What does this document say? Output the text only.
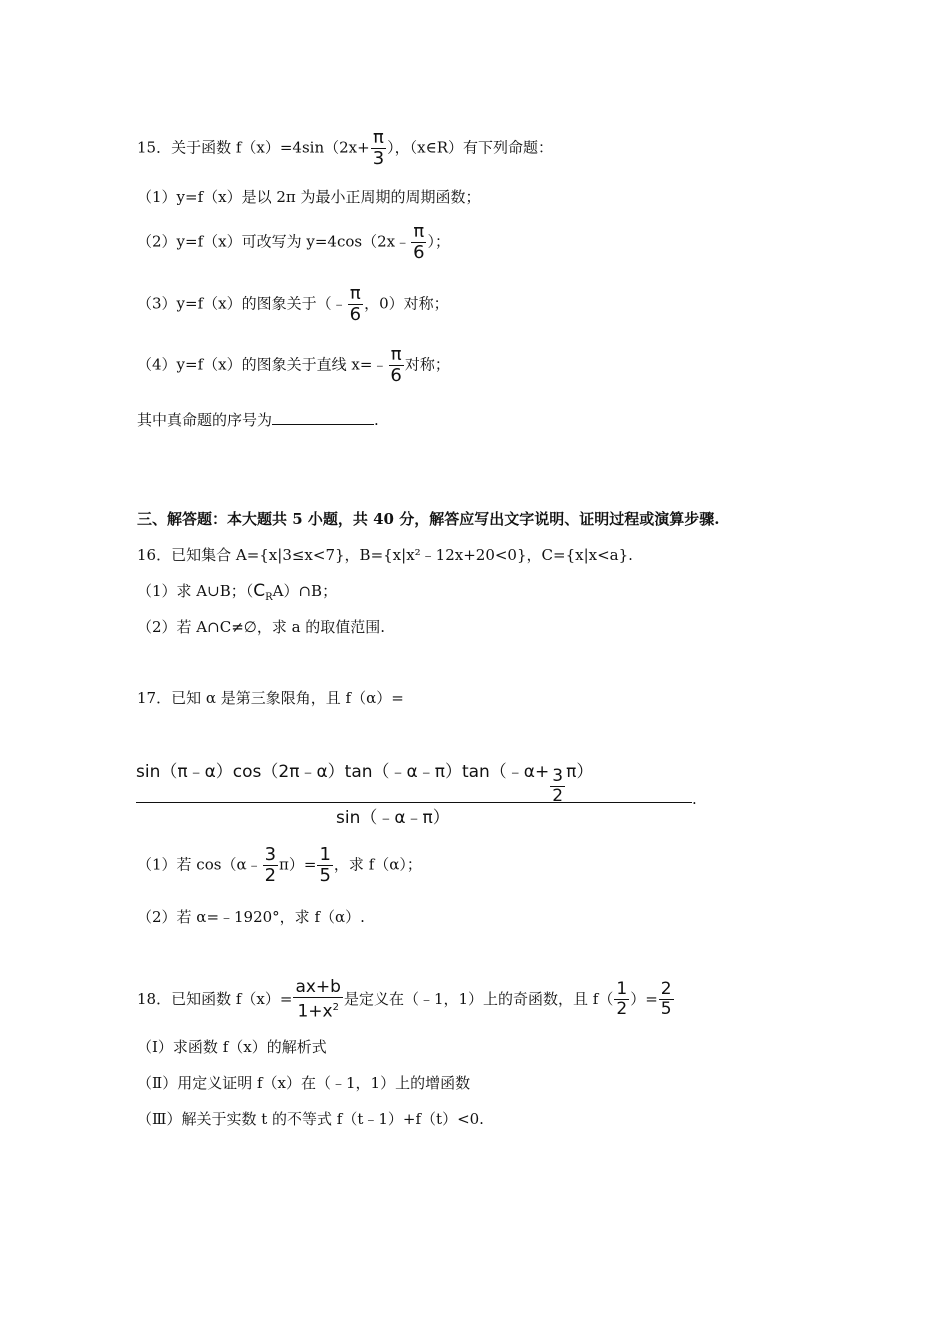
15．关于函数 $f(x)=4\sin(2x+ \frac{\pi}{3}$ ），（x∈R）有下列命题：
（1）y=f（x）是以 2π 为最小正周期的周期函数；
（2）y=f（x）可改写为 y=4cos（2x﹣ $\frac{\pi}{6}$ ）；
（3）y=f（x）的图象关于（﹣ $\frac{\pi}{6}$ ，0）对称；
（4）y=f（x）的图象关于直线 x=﹣ $\frac{\pi}{6}$ 对称；
其中真命题的序号为	.
三、解答题：本大题共 5 小题，共 40 分，解答应写出文字说明、证明过程或演算步骤.
16．已知集合 A={x|3≤x<7}，B={x|x²﹣12x+20<0}，C={x|x<a}.
（1）求 A∪B；$(C_RA)\cap B$；
（2）若 A∩C≠∅，求 a 的取值范围.
17．已知 α 是第三象限角，且 f（α）=
sin（π﹣α）cos（2π﹣α）tan（﹣α﹣π）tan（﹣α+ $\frac{3}{2} \pi$）
sin（﹣α﹣π）
.
（1）若 cos（α﹣ $\frac{3}{2} \pi)= \frac{1}{5}$ ，求 f（α）；
（2）若 α=﹣1920°，求 f（α）.
18．已知函数 $f(x)= \frac{ax+b}{1+x^2}$ 是定义在（﹣1，1）上的奇函数，且 $f( \frac{1}{2}$ ）= $\frac{2}{5}$
（Ⅰ）求函数 f（x）的解析式
（Ⅱ）用定义证明 f（x）在（﹣1，1）上的增函数
（Ⅲ）解关于实数 t 的不等式 f（t﹣1）+f（t）<0.
